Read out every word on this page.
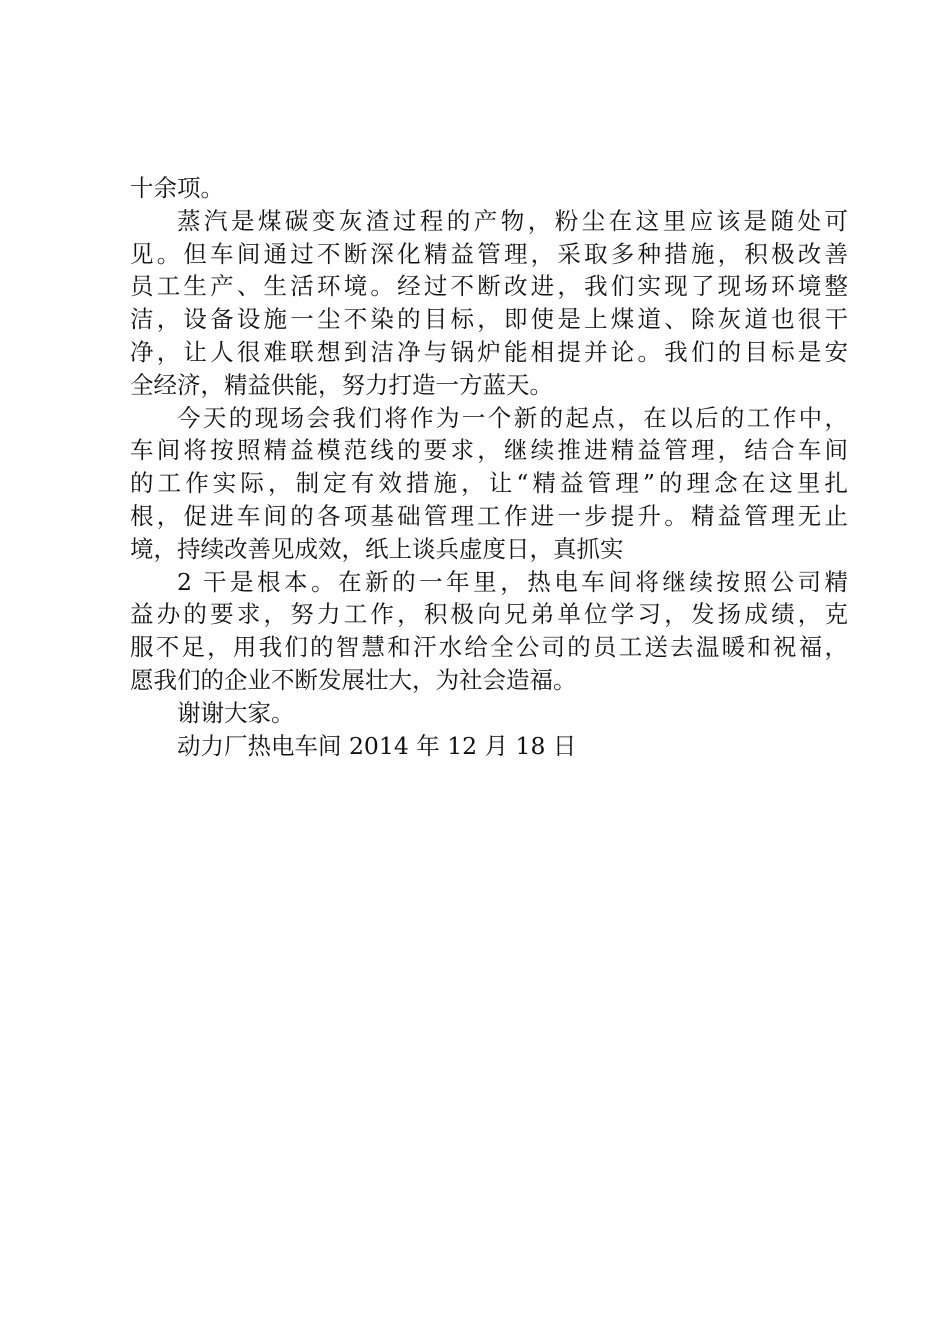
十余项。
蒸汽是煤碳变灰渣过程的产物，粉尘在这里应该是随处可
见。但车间通过不断深化精益管理，采取多种措施，积极改善
员工生产、生活环境。经过不断改进，我们实现了现场环境整
洁，设备设施一尘不染的目标，即使是上煤道、除灰道也很干
净，让人很难联想到洁净与锅炉能相提并论。我们的目标是安
全经济，精益供能，努力打造一方蓝天。
今天的现场会我们将作为一个新的起点，在以后的工作中，
车间将按照精益模范线的要求，继续推进精益管理，结合车间
的工作实际，制定有效措施，让“精益管理”的理念在这里扎
根，促进车间的各项基础管理工作进一步提升。精益管理无止
境，持续改善见成效，纸上谈兵虚度日，真抓实
2 干是根本。在新的一年里，热电车间将继续按照公司精
益办的要求，努力工作，积极向兄弟单位学习，发扬成绩，克
服不足，用我们的智慧和汗水给全公司的员工送去温暖和祝福，
愿我们的企业不断发展壮大，为社会造福。
谢谢大家。
动力厂热电车间 2014 年 12 月 18 日
